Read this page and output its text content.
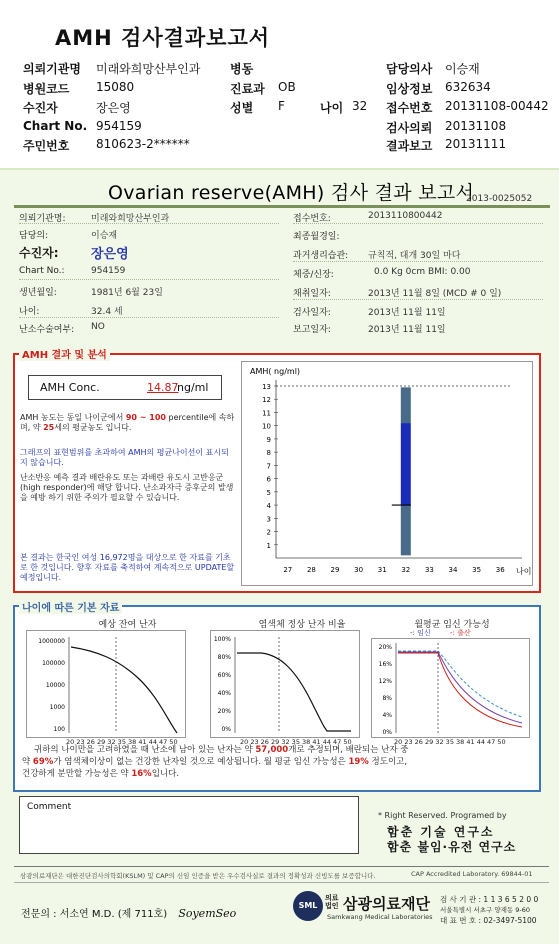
AMH 검사결과보고서
의뢰기관명 미래와희망산부인과 병동	담당의사 이승재
병원코드 15080	진료과 OB	임상정보 632634
수진자	장은영	성별 F	나이 32 접수번호 20131108-00442
Chart No. 954159	검사의뢰 20131108
주민번호 810623-2******	결과보고 20131111
Ovarian reserve(AMH) 검사 결과 보고서
2013-0025052
의뢰기관명:	미래와희망산부인과
담당의:	이승재
수진자: 장은영
Chart No.:	954159
생년월일:	1981년 6월 23일
나이:	32.4 세
난소수술여부: NO
접수번호:	2013110800442
최종월경일:
과거생리습관: 규칙적, 대개 30일 마다
체중/신장:	0.0 Kg 0cm BMI: 0.00
채취일자:	2013년 11월 8일 (MCD # 0 일)
검사일자:	2013년 11월 11일
보고일자:	2013년 11월 11일
AMH 결과 및 분석
AMH Conc.	14.87
ng/ml
AMH 농도는 동일 나이군에서 90 ~ 100 percentile에 속하며, 약 25세의 평균농도 입니다.
그래프의 표현범위를 초과하여 AMH의 평균나이선이 표시되지 않습니다.
난소반응 예측 결과 배란유도 또는 과배란 유도시 고반응군 (high responder)에 해당 합니다. 난소과자극 증후군의 발생을 예방 하기 위한 주의가 필요할 수 있습니다.
본 결과는 한국인 여성 16,972명을 대상으로 한 자료를 기초로 한 것입니다. 향후 자료를 축적하여 계속적으로 UPDATE할 예정입니다.
AMH( ng/ml)
1
2
3
4
5
6
7
8
9
10
11
12
13
27 28 29 30 31 32 33 34 35 36 나이
나이에 따른 기본 자료
예상 잔여 난자
1000000
100000
10000
1000
100
20 23 26 29 32 35 38 41 44 47 50
염색체 정상 난자 비율
100%
80%
60%
40%
20%
0%
20 23 26 29 32 35 38 41 44 47 50
월평균 임신 가능성
-: 임신	-: 출산
20%
16%
12%
8%
4%
0%
20 23 26 29 32 35 38 41 44 47 50
귀하의 나이만을 고려하였을 때 난소에 남아 있는 난자는 약 57,000개로 추정되며, 배란되는 난자 중
약 69%가 염색체이상이 없는 건강한 난자일 것으로 예상됩니다. 월 평균 임신 가능성은 19% 정도이고,
건강하게 분만할 가능성은 약 16%입니다.
Comment
* Right Reserved. Programed by
함춘 기술 연구소
함춘 불임·유전 연구소
삼광의료재단은 대한진단검사의학회(KSLM) 및 CAP의 신임 인증을 받은 우수검사실로 결과의 정확성과 신빙도를 보증합니다.	CAP Accredited Laboratory. 69844-01
전문의 : 서소연 M.D. (제 711호) SoyemSeo
SML
의료
법인 삼광의료재단
Samkwang Medical Laboratories
검 사 기 관 : 1 1 3 6 5 2 0 0
서울특별시 서초구 양재동 9-60
대 표 번 호 : 02-3497-5100
